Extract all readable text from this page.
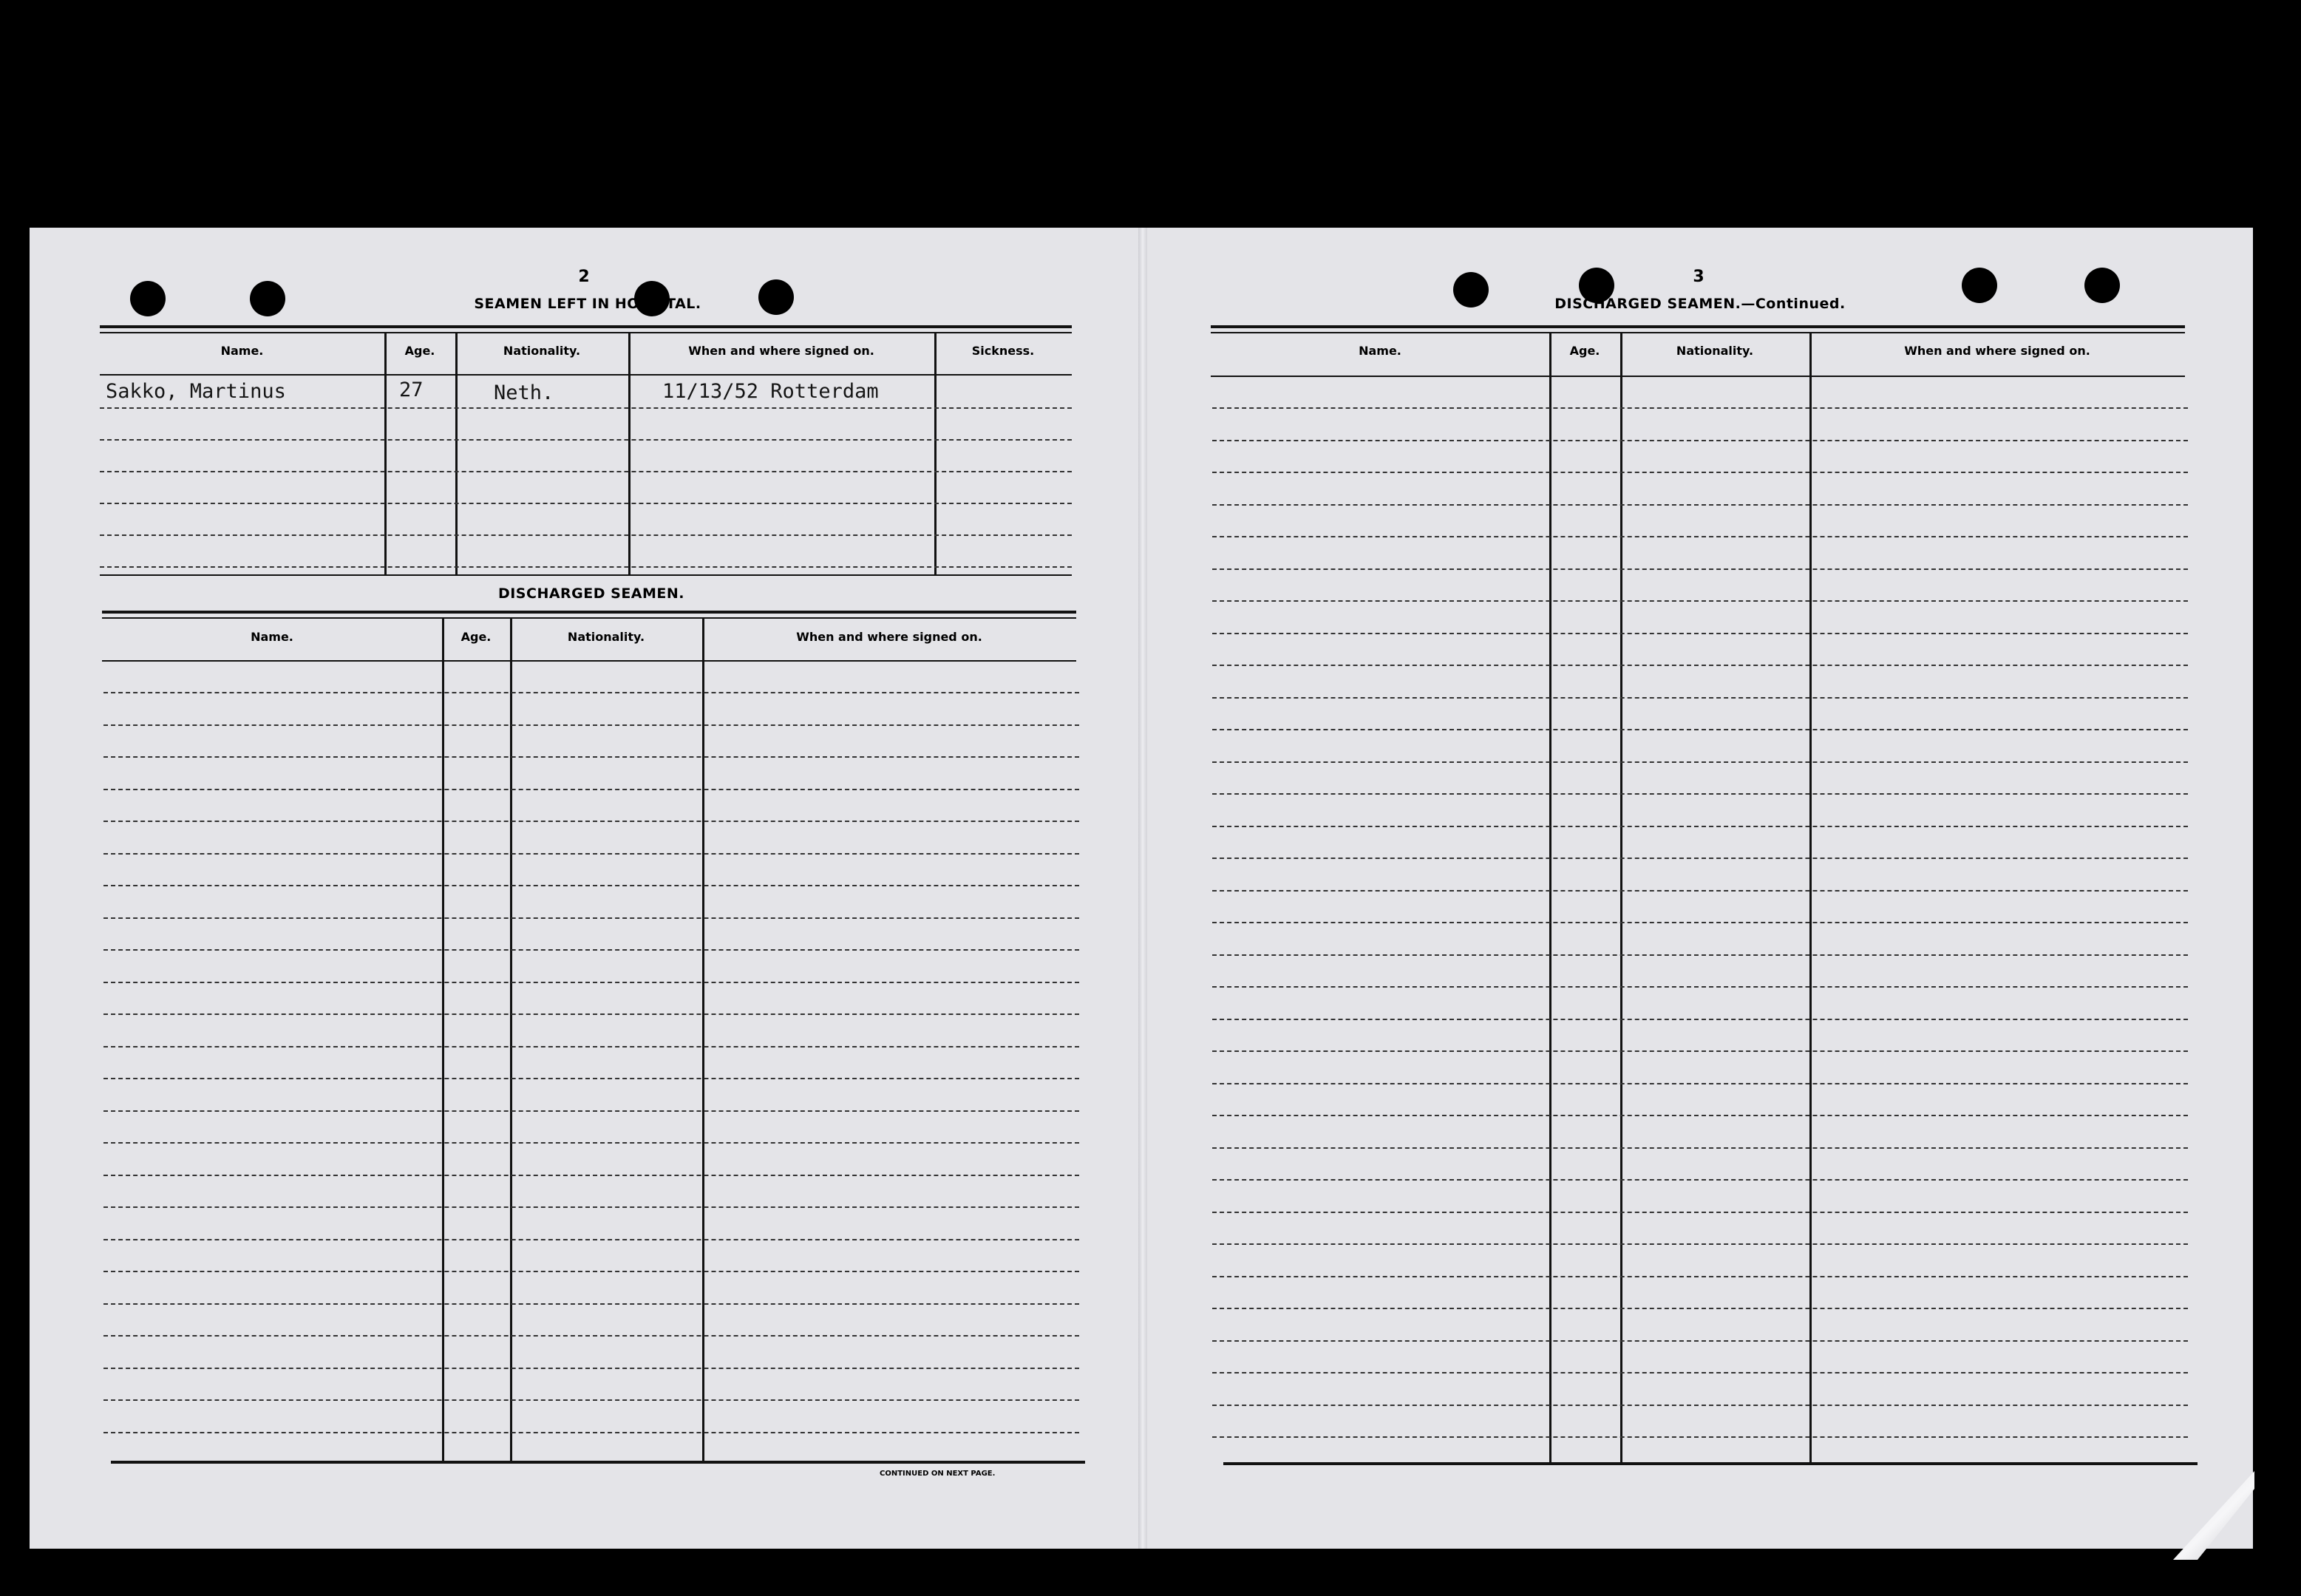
2
SEAMEN LEFT IN HOSPITAL.
Name.	Age.	Nationality.	When and where signed on.	Sickness.
Sakko, Martinus	27	Neth.	11/13/52 Rotterdam
DISCHARGED SEAMEN.
Name.	Age.	Nationality.	When and where signed on.
CONTINUED ON NEXT PAGE.
3
DISCHARGED SEAMEN.—Continued.
Name.	Age.	Nationality.	When and where signed on.
